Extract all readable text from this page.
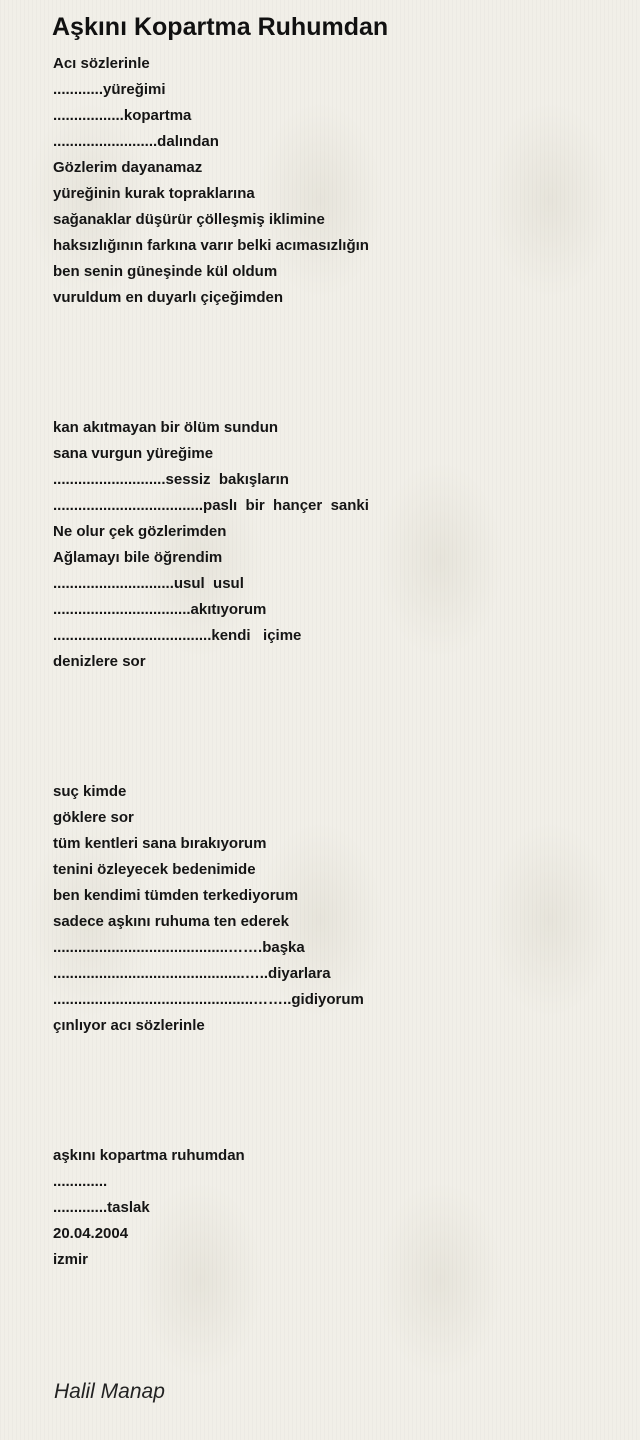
Aşkını Kopartma Ruhumdan
Acı sözlerinle
............yüreğimi
.................kopartma
.........................dalından
Gözlerim dayanamaz
yüreğinin kurak topraklarına
sağanaklar düşürür çölleşmiş iklimine
haksızlığının farkına varır belki acımasızlığın
ben senin güneşinde kül oldum
vuruldum en duyarlı çiçeğimden
kan akıtmayan bir ölüm sundun
sana vurgun yüreğime
...........................sessiz  bakışların
....................................paslı  bir  hançer  sanki
Ne olur çek gözlerimden
Ağlamayı bile öğrendim
.............................usul  usul
.................................akıtıyorum
......................................kendi   içime
denizlere sor
suç kimde
göklere sor
tüm kentleri sana bırakıyorum
tenini özleyecek bedenimide
ben kendimi tümden terkediyorum
sadece aşkını ruhuma ten ederek
..........................................…….başka
..............................................…..diyarlara
................................................……..gidiyorum
çınlıyor acı sözlerinle
aşkını kopartma ruhumdan
.............
.............taslak
20.04.2004
izmir
Halil Manap
